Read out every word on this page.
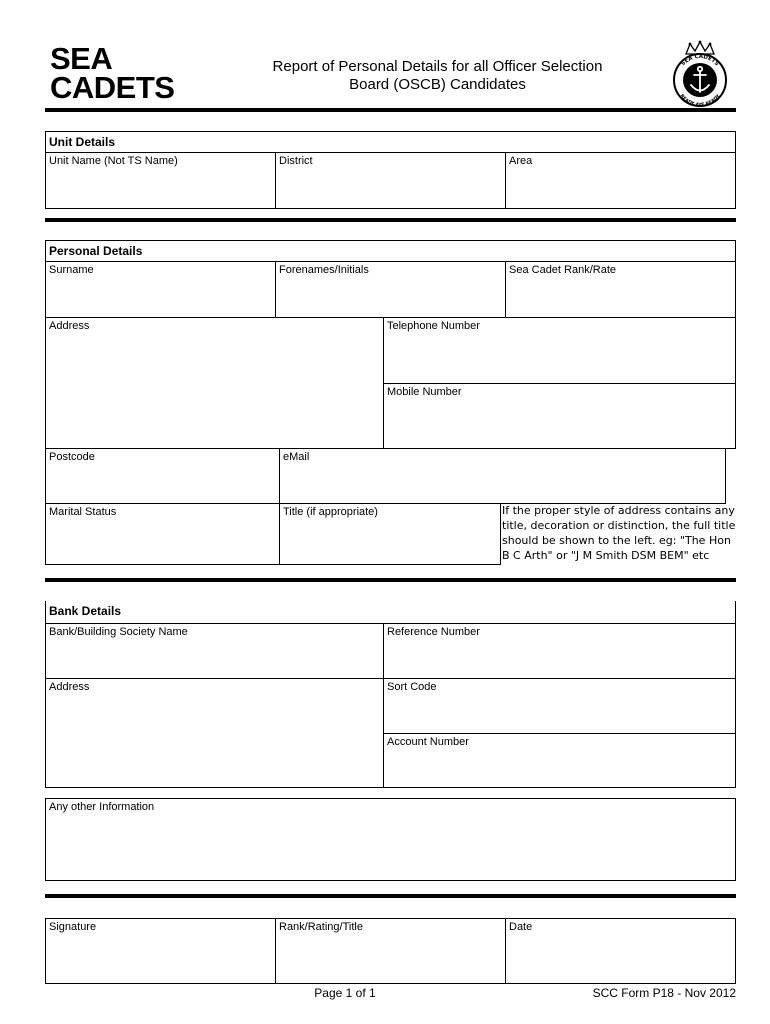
SEA
CADETS
Report of Personal Details for all Officer Selection
Board (OSCB) Candidates
SEA CADETS
READY AYE READY
Unit Details
Unit Name (Not TS Name)	District	Area
Personal Details
Surname	Forenames/Initials	Sea Cadet Rank/Rate
Address	Telephone Number
Mobile Number
Postcode	eMail
Marital Status	Title (if appropriate)	If the proper style of address contains any
title, decoration or distinction, the full title
should be shown to the left. eg: "The Hon
B C Arth" or "J M Smith DSM BEM" etc
Bank Details
Bank/Building Society Name	Reference Number
Address	Sort Code
Account Number
Any other Information
Signature	Rank/Rating/Title	Date
Page 1 of 1	SCC Form P18 - Nov 2012
